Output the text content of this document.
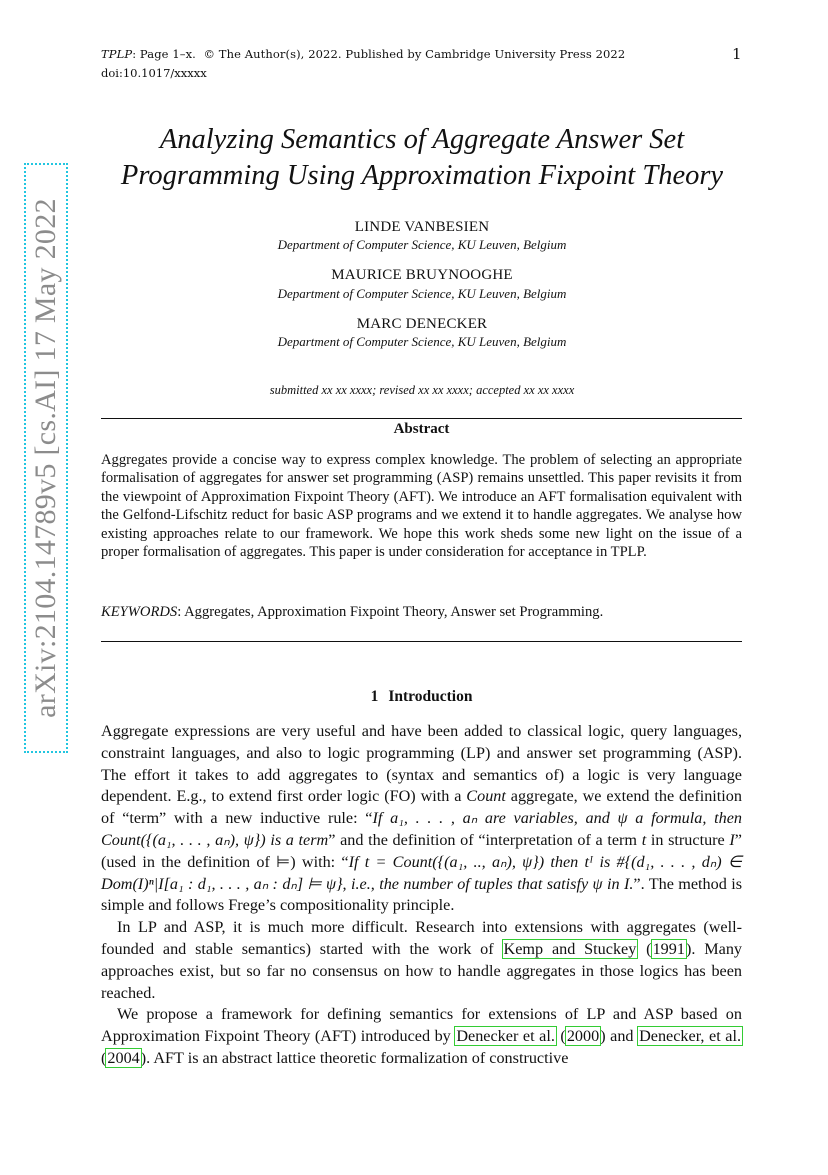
TPLP: Page 1–x. © The Author(s), 2022. Published by Cambridge University Press 2022
doi:10.1017/xxxxx
1
arXiv:2104.14789v5 [cs.AI] 17 May 2022
Analyzing Semantics of Aggregate Answer Set
Programming Using Approximation Fixpoint Theory
LINDE VANBESIEN
Department of Computer Science, KU Leuven, Belgium
MAURICE BRUYNOOGHE
Department of Computer Science, KU Leuven, Belgium
MARC DENECKER
Department of Computer Science, KU Leuven, Belgium
submitted xx xx xxxx; revised xx xx xxxx; accepted xx xx xxxx
Abstract
Aggregates provide a concise way to express complex knowledge. The problem of selecting an appropriate formalisation of aggregates for answer set programming (ASP) remains unsettled. This paper revisits it from the viewpoint of Approximation Fixpoint Theory (AFT). We introduce an AFT formalisation equivalent with the Gelfond-Lifschitz reduct for basic ASP programs and we extend it to handle aggregates. We analyse how existing approaches relate to our framework. We hope this work sheds some new light on the issue of a proper formalisation of aggregates. This paper is under consideration for acceptance in TPLP.
KEYWORDS: Aggregates, Approximation Fixpoint Theory, Answer set Programming.
1 Introduction

Aggregate expressions are very useful and have been added to classical logic, query languages, constraint languages, and also to logic programming (LP) and answer set programming (ASP). The effort it takes to add aggregates to (syntax and semantics of) a logic is very language dependent. E.g., to extend first order logic (FO) with a Count aggregate, we extend the definition of “term” with a new inductive rule: “If a₁, . . . , aₙ are variables, and ψ a formula, then Count({(a₁, . . . , aₙ), ψ}) is a term” and the definition of “interpretation of a term t in structure I” (used in the definition of ⊨) with: “If t = Count({(a₁, .., aₙ), ψ}) then tᴵ is #{(d₁, . . . , dₙ) ∈ Dom(I)ⁿ|I[a₁ : d₁, . . . , aₙ : dₙ] ⊨ ψ}, i.e., the number of tuples that satisfy ψ in I.”. The method is simple and follows Frege’s compositionality principle.

In LP and ASP, it is much more difficult. Research into extensions with aggregates (well-founded and stable semantics) started with the work of Kemp and Stuckey (1991). Many approaches exist, but so far no consensus on how to handle aggregates in those logics has been reached.

We propose a framework for defining semantics for extensions of LP and ASP based on Approximation Fixpoint Theory (AFT) introduced by Denecker et al. (2000) and Denecker, et al. (2004). AFT is an abstract lattice theoretic formalization of constructive
